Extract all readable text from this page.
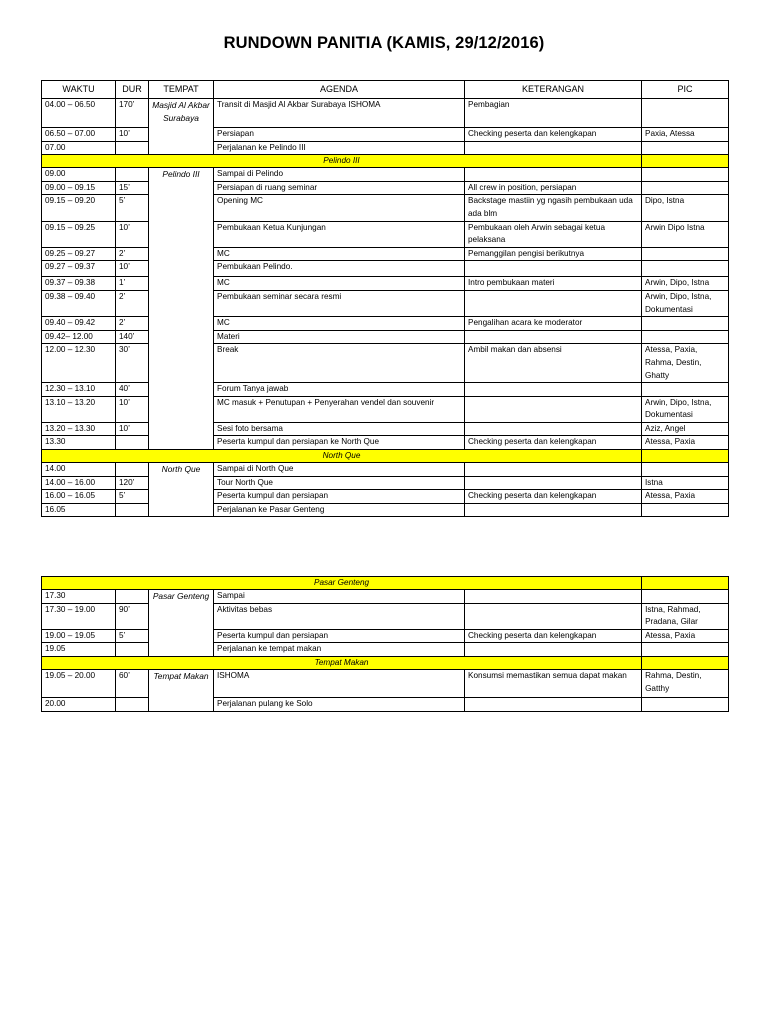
RUNDOWN PANITIA (KAMIS, 29/12/2016)
WAKTU	DUR	TEMPAT	AGENDA	KETERANGAN	PIC
04.00 – 06.50	170’	Masjid Al Akbar Surabaya	Transit di Masjid Al Akbar Surabaya ISHOMA	Pembagian	
06.50 – 07.00	10’		Persiapan	Checking peserta dan kelengkapan	Paxia, Atessa
07.00			Perjalanan ke Pelindo III		
Pelindo III					
09.00		Pelindo III	Sampai di Pelindo		
09.00 – 09.15	15’		Persiapan di ruang seminar	All crew in position, persiapan	
09.15 – 09.20	5’		Opening MC	Backstage mastiin yg ngasih pembukaan uda ada blm	Dipo, Istna
09.15 – 09.25	10’		Pembukaan Ketua Kunjungan	Pembukaan oleh Arwin sebagai ketua pelaksana	Arwin Dipo Istna
09.25 – 09.27	2’		MC	Pemanggilan pengisi berikutnya	
09.27 – 09.37	10’		Pembukaan Pelindo.		
09.37 – 09.38	1’		MC	Intro pembukaan materi	Arwin, Dipo, Istna
09.38 – 09.40	2’		Pembukaan seminar secara resmi		Arwin, Dipo, Istna, Dokumentasi
09.40 – 09.42	2’		MC	Pengalihan acara ke moderator	
09.42– 12.00	140’		Materi		
12.00 – 12.30	30’		Break	Ambil makan dan absensi	Atessa, Paxia, Rahma, Destin, Ghatty
12.30 – 13.10	40’		Forum Tanya jawab		
13.10 – 13.20	10’		MC masuk + Penutupan + Penyerahan vendel dan souvenir		Arwin, Dipo, Istna, Dokumentasi
13.20 – 13.30	10’		Sesi foto bersama		Aziz, Angel
13.30			Peserta kumpul dan persiapan ke North Que	Checking peserta dan kelengkapan	Atessa, Paxia
North Que					
14.00		North Que	Sampai di North Que		
14.00 – 16.00	120’		Tour North Que		Istna
16.00 – 16.05	5’		Peserta kumpul dan persiapan	Checking peserta dan kelengkapan	Atessa, Paxia
16.05			Perjalanan ke Pasar Genteng		
Pasar Genteng					
17.30		Pasar Genteng	Sampai		
17.30 – 19.00	90’		Aktivitas bebas		Istna, Rahmad, Pradana, Gilar
19.00 – 19.05	5’		Peserta kumpul dan persiapan	Checking peserta dan kelengkapan	Atessa, Paxia
19.05			Perjalanan ke tempat makan		
Tempat Makan					
19.05 – 20.00	60’	Tempat Makan	ISHOMA	Konsumsi memastikan semua dapat makan	Rahma, Destin, Gatthy
20.00			Perjalanan pulang ke Solo		
